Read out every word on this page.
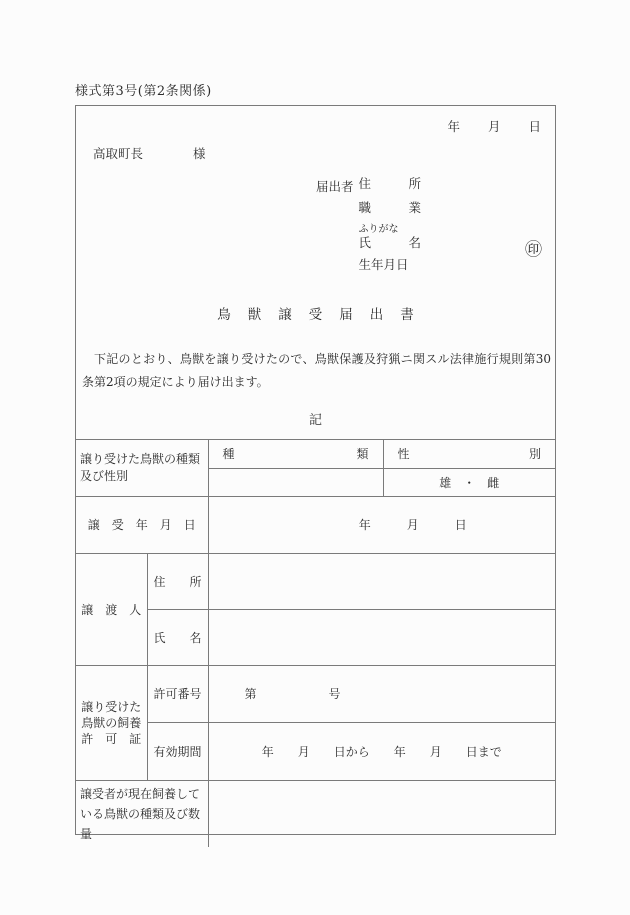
様式第3号(第2条関係)
年　　月　　日
高取町長　　　　様
届出者 住　　　所
職　　　業
ふりがな
氏　　　名
生年月日
㊞
鳥獣譲受届出書
下記のとおり、鳥獣を譲り受けたので、鳥獣保護及狩猟ニ関スル法律施行規則第30条第2項の規定により届け出ます。
記
譲り受けた鳥獣の種類及び性別		種 類	性 別

			雄　・　雌
譲　受　年　月　日		年　　　月　　　日	
譲　渡　人	住　　所		
	氏　　名		

譲り受けた
鳥獣の飼養
許　可　証	許可番号	第　　　　　　号	
	有効期間	年　　月　　日から　　年　　月　　日まで	
譲受者が現在飼養している鳥獣の種類及び数量			
